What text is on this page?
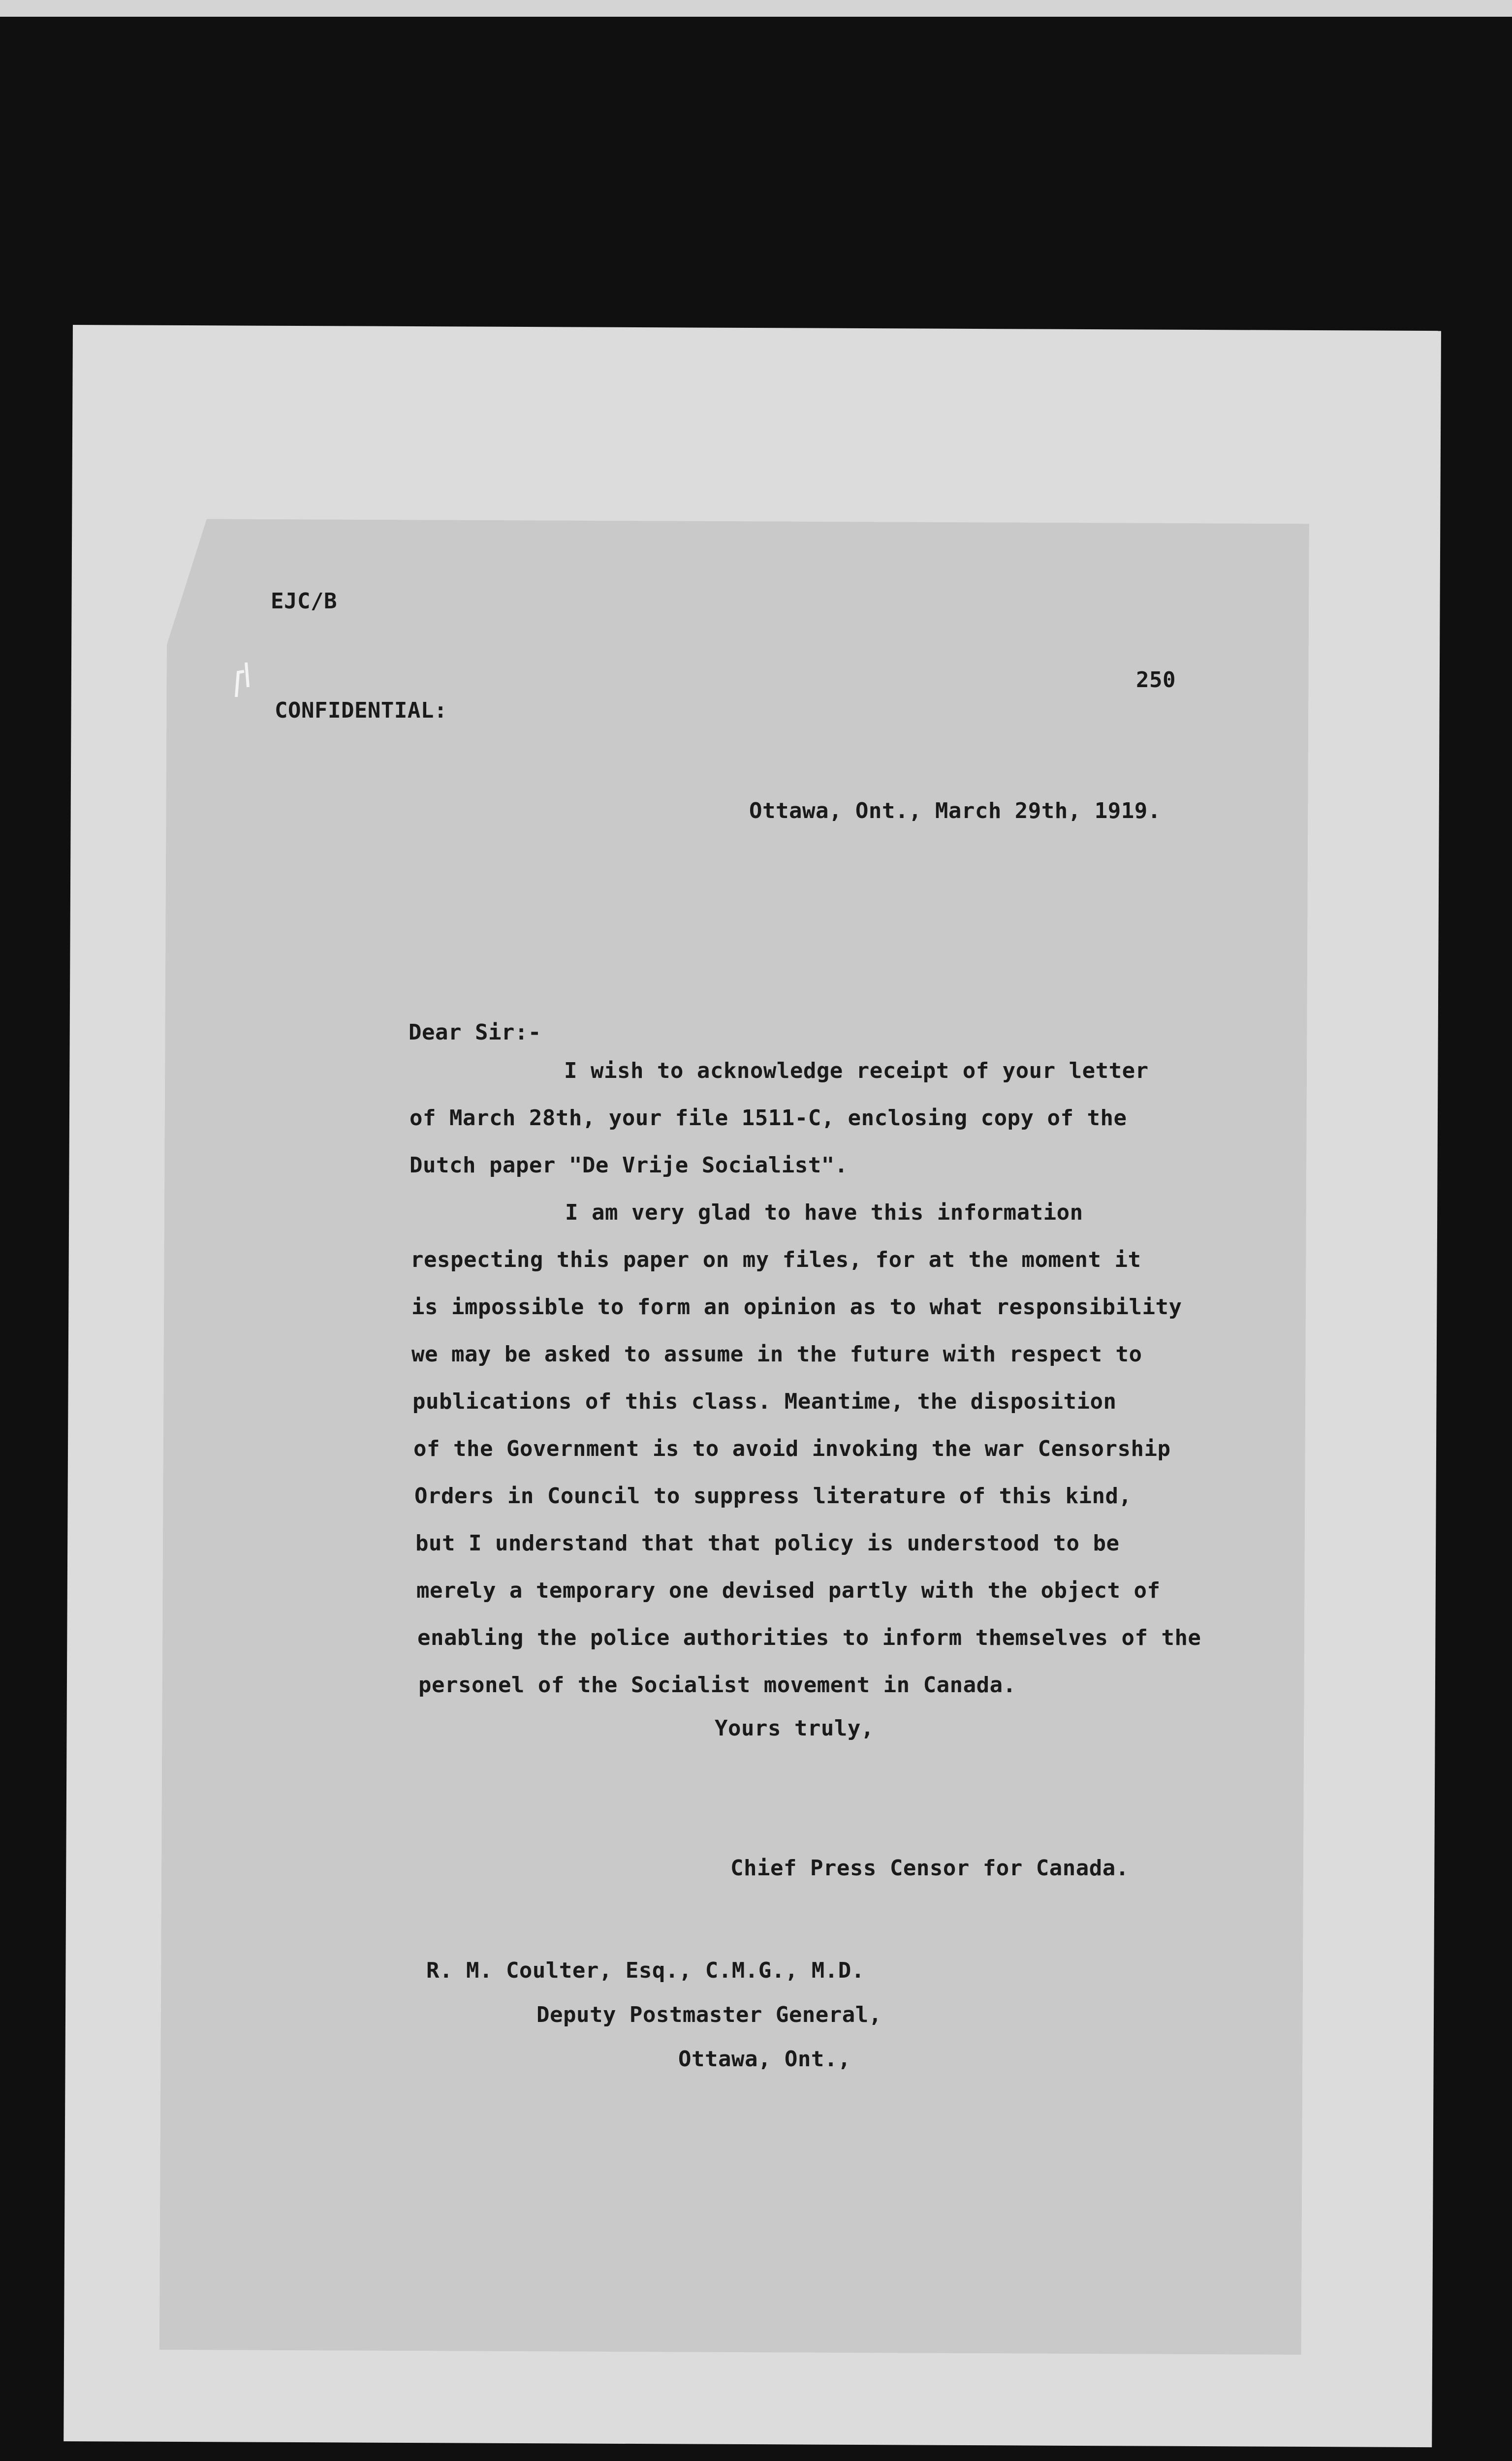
EJC/B
CONFIDENTIAL:
250
Ottawa, Ont., March 29th, 1919.
Dear Sir:-
I wish to acknowledge receipt of your letter
of March 28th, your file 1511-C, enclosing copy of the
Dutch paper "De Vrije Socialist".
I am very glad to have this information
respecting this paper on my files, for at the moment it
is impossible to form an opinion as to what responsibility
we may be asked to assume in the future with respect to
publications of this class. Meantime, the disposition
of the Government is to avoid invoking the war Censorship
Orders in Council to suppress literature of this kind,
but I understand that that policy is understood to be
merely a temporary one devised partly with the object of
enabling the police authorities to inform themselves of the
personel of the Socialist movement in Canada.
Yours truly,
Chief Press Censor for Canada.
R. M. Coulter, Esq., C.M.G., M.D.
Deputy Postmaster General,
Ottawa, Ont.,
